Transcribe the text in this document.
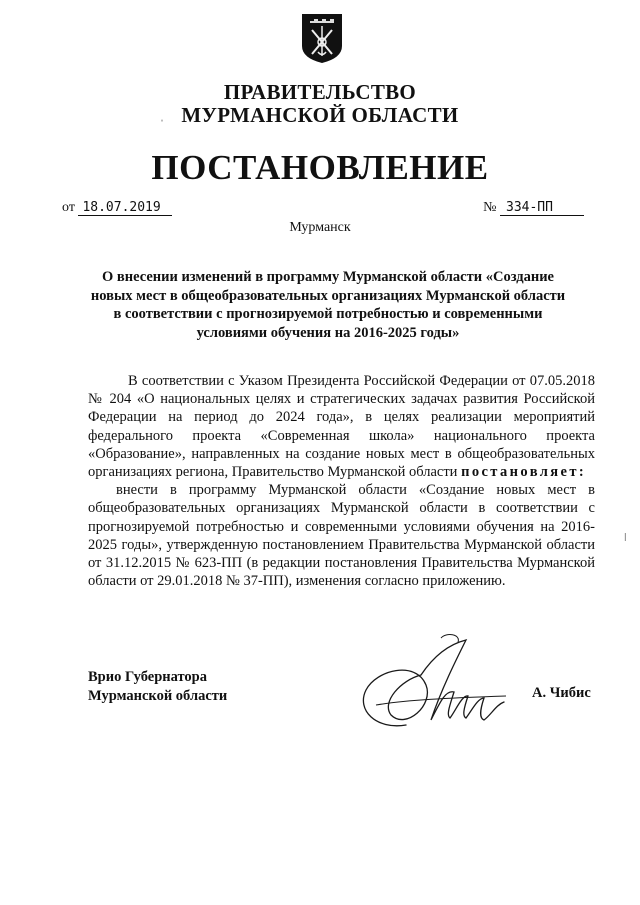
ПРАВИТЕЛЬСТВО
МУРМАНСКОЙ ОБЛАСТИ
ˌ
ПОСТАНОВЛЕНИЕ
от 18.07.2019	№ 334-ПП
Мурманск
О внесении изменений в программу Мурманской области «Создание новых мест в общеобразовательных организациях Мурманской области в соответствии с прогнозируемой потребностью и современными условиями обучения на 2016-2025 годы»

В соответствии с Указом Президента Российской Федерации от 07.05.2018 № 204 «О национальных целях и стратегических задачах развития Российской Федерации на период до 2024 года», в целях реализации мероприятий федерального проекта «Современная школа» национального проекта «Образование», направленных на создание новых мест в общеобразовательных организациях региона, Правительство Мурманской области постановляет:

внести в программу Мурманской области «Создание новых мест в общеобразовательных организациях Мурманской области в соответствии с прогнозируемой потребностью и современными условиями обучения на 2016-2025 годы», утвержденную постановлением Правительства Мурманской области от 31.12.2015 № 623-ПП (в редакции постановления Правительства Мурманской области от 29.01.2018 № 37-ПП), изменения согласно приложению.

ǀ
Врио Губернатора
Мурманской области	А. Чибис
